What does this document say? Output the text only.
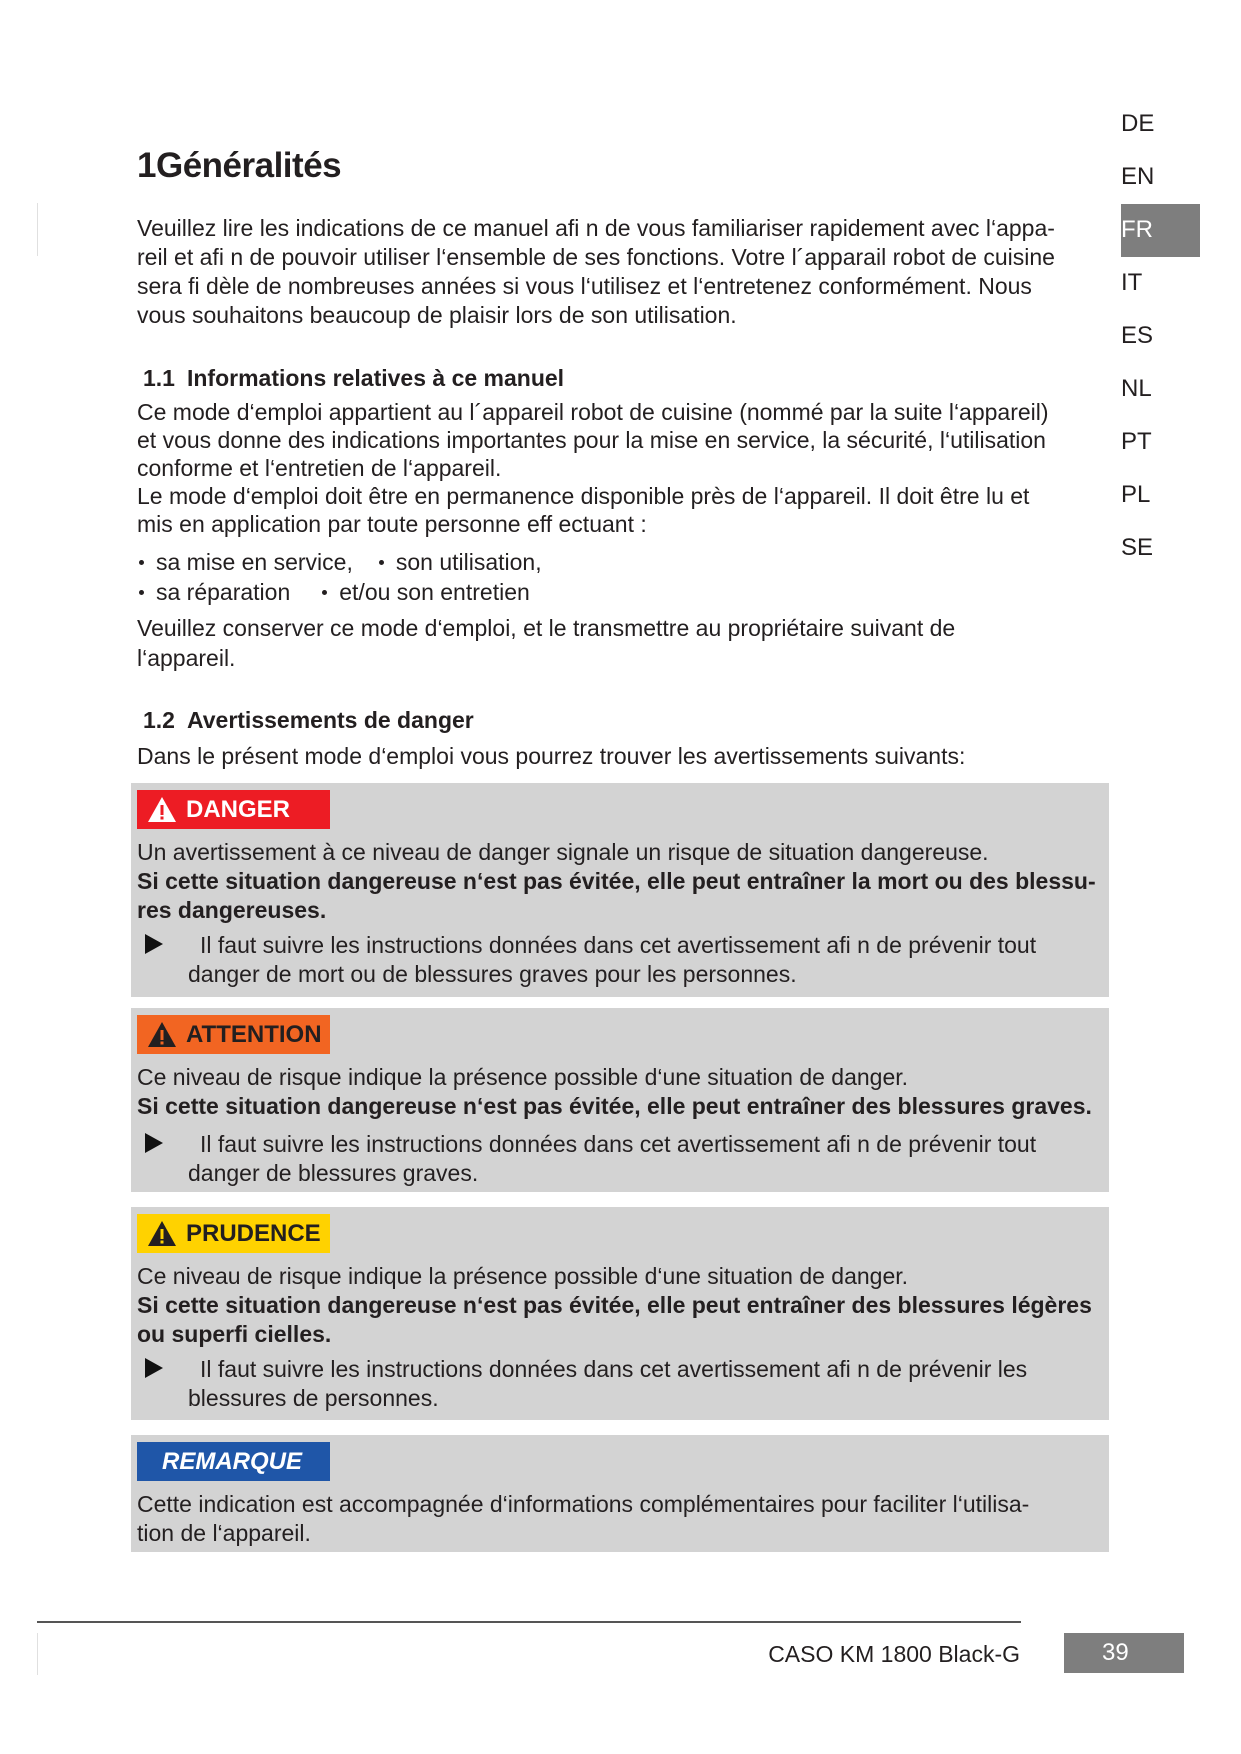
DE
EN
FR
IT
ES
NL
PT
PL
SE
1Généralités
Veuillez lire les indications de ce manuel afi n de vous familiariser rapidement avec l‘appa-
reil et afi n de pouvoir utiliser l‘ensemble de ses fonctions. Votre l´apparail robot de cuisine
sera fi dèle de nombreuses années si vous l‘utilisez et l‘entretenez conformément. Nous
vous souhaitons beaucoup de plaisir lors de son utilisation.
1.1 Informations relatives à ce manuel
Ce mode d‘emploi appartient au l´appareil robot de cuisine (nommé par la suite l‘appareil)
et vous donne des indications importantes pour la mise en service, la sécurité, l‘utilisation
conforme et l‘entretien de l‘appareil.
Le mode d‘emploi doit être en permanence disponible près de l‘appareil. Il doit être lu et
mis en application par toute personne eff ectuant :
sa mise en service, son utilisation,
sa réparation et/ou son entretien
Veuillez conserver ce mode d‘emploi, et le transmettre au propriétaire suivant de
l‘appareil.
1.2 Avertissements de danger
Dans le présent mode d‘emploi vous pourrez trouver les avertissements suivants:
DANGER
Un avertissement à ce niveau de danger signale un risque de situation dangereuse.
Si cette situation dangereuse n‘est pas évitée, elle peut entraîner la mort ou des blessu-
res dangereuses.
Il faut suivre les instructions données dans cet avertissement afi n de prévenir tout
danger de mort ou de blessures graves pour les personnes.
ATTENTION
Ce niveau de risque indique la présence possible d‘une situation de danger.
Si cette situation dangereuse n‘est pas évitée, elle peut entraîner des blessures graves.
Il faut suivre les instructions données dans cet avertissement afi n de prévenir tout
danger de blessures graves.
PRUDENCE
Ce niveau de risque indique la présence possible d‘une situation de danger.
Si cette situation dangereuse n‘est pas évitée, elle peut entraîner des blessures légères
ou superfi cielles.
Il faut suivre les instructions données dans cet avertissement afi n de prévenir les
blessures de personnes.
REMARQUE
Cette indication est accompagnée d‘informations complémentaires pour faciliter l‘utilisa-
tion de l‘appareil.
CASO KM 1800 Black-G	39
